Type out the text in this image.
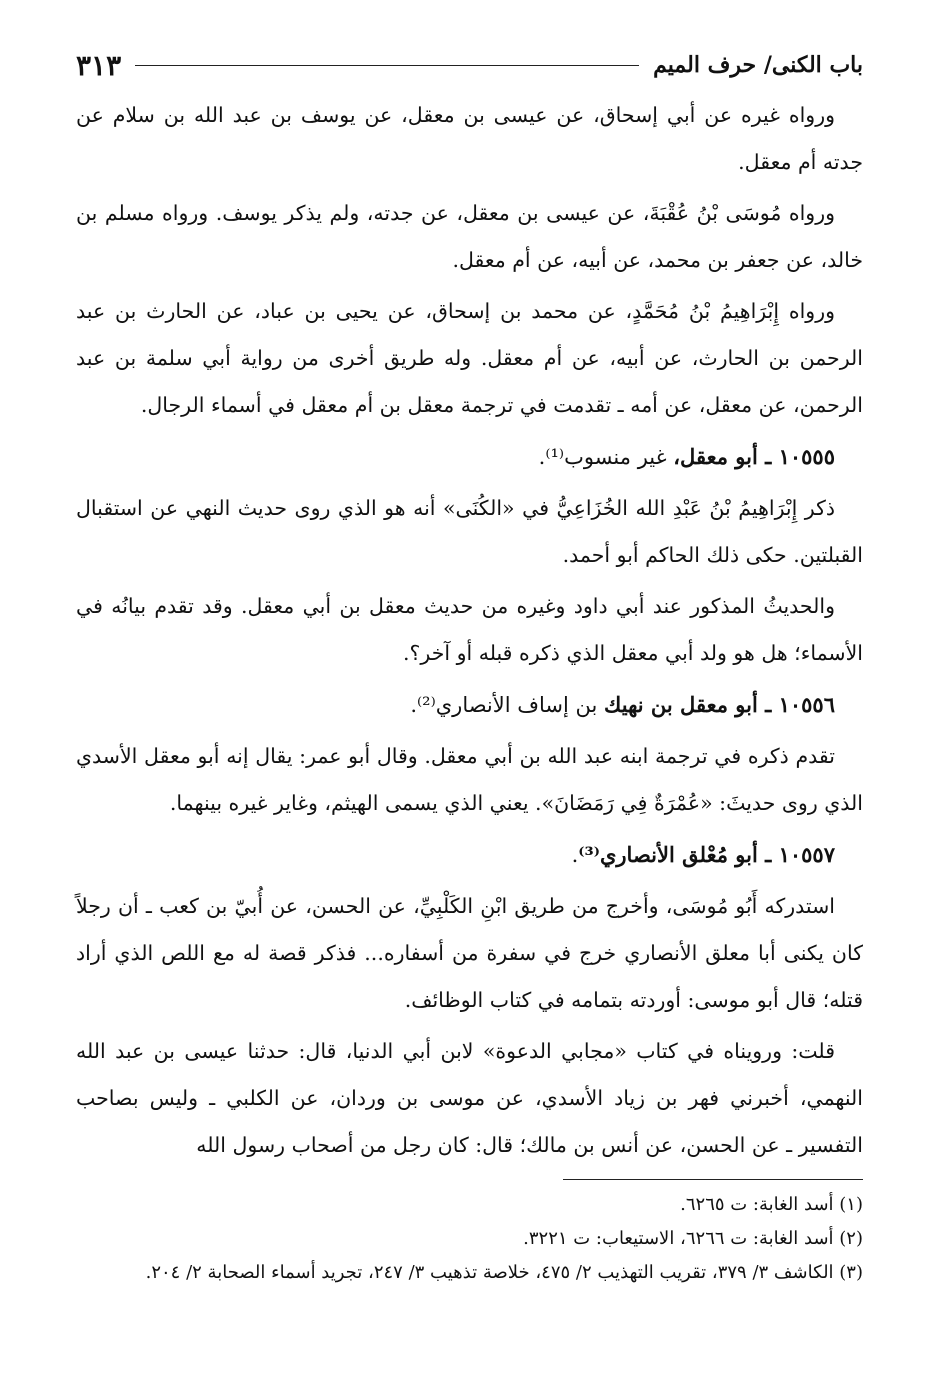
باب الكنى/ حرف الميم
٣١٣

ورواه غيره عن أبي إسحاق، عن عيسى بن معقل، عن يوسف بن عبد الله بن سلام عن جدته أم معقل.

ورواه مُوسَى بْنُ عُقْبَةَ، عن عيسى بن معقل، عن جدته، ولم يذكر يوسف. ورواه مسلم بن خالد، عن جعفر بن محمد، عن أبيه، عن أم معقل.

ورواه إِبْرَاهِيمُ بْنُ مُحَمَّدٍ، عن محمد بن إسحاق، عن يحيى بن عباد، عن الحارث بن عبد الرحمن بن الحارث، عن أبيه، عن أم معقل. وله طريق أخرى من رواية أبي سلمة بن عبد الرحمن، عن معقل، عن أمه ـ تقدمت في ترجمة معقل بن أم معقل في أسماء الرجال.

١٠٥٥٥ ـ أبو معقل، غير منسوب⁽¹⁾.

ذكر إِبْرَاهِيمُ بْنُ عَبْدِ الله الخُزَاعِيُّ في «الكُنَى» أنه هو الذي روى حديث النهي عن استقبال القبلتين. حكى ذلك الحاكم أبو أحمد.

والحديثُ المذكور عند أبي داود وغيره من حديث معقل بن أبي معقل. وقد تقدم بيانُه في الأسماء؛ هل هو ولد أبي معقل الذي ذكره قبله أو آخر؟.

١٠٥٥٦ ـ أبو معقل بن نهيك بن إساف الأنصاري⁽²⁾.

تقدم ذكره في ترجمة ابنه عبد الله بن أبي معقل. وقال أبو عمر: يقال إنه أبو معقل الأسدي الذي روى حديثَ: «عُمْرَةٌ فِي رَمَضَانَ». يعني الذي يسمى الهيثم، وغاير غيره بينهما.

١٠٥٥٧ ـ أبو مُعْلق الأنصاري⁽³⁾.

استدركه أَبُو مُوسَى، وأخرج من طريق ابْنِ الكَلْبِيِّ، عن الحسن، عن أُبيّ بن كعب ـ أن رجلاً كان يكنى أبا معلق الأنصاري خرج في سفرة من أسفاره... فذكر قصة له مع اللص الذي أراد قتله؛ قال أبو موسى: أوردته بتمامه في كتاب الوظائف.

قلت: ورويناه في كتاب «مجابي الدعوة» لابن أبي الدنيا، قال: حدثنا عيسى بن عبد الله النهمي، أخبرني فهر بن زياد الأسدي، عن موسى بن وردان، عن الكلبي ـ وليس بصاحب التفسير ـ عن الحسن، عن أنس بن مالك؛ قال: كان رجل من أصحاب رسول الله

(١) أسد الغابة: ت ٦٢٦٥.

(٢) أسد الغابة: ت ٦٢٦٦، الاستيعاب: ت ٣٢٢١.

(٣) الكاشف ٣/ ٣٧٩، تقريب التهذيب ٢/ ٤٧٥، خلاصة تذهيب ٣/ ٢٤٧، تجريد أسماء الصحابة ٢/ ٢٠٤.
